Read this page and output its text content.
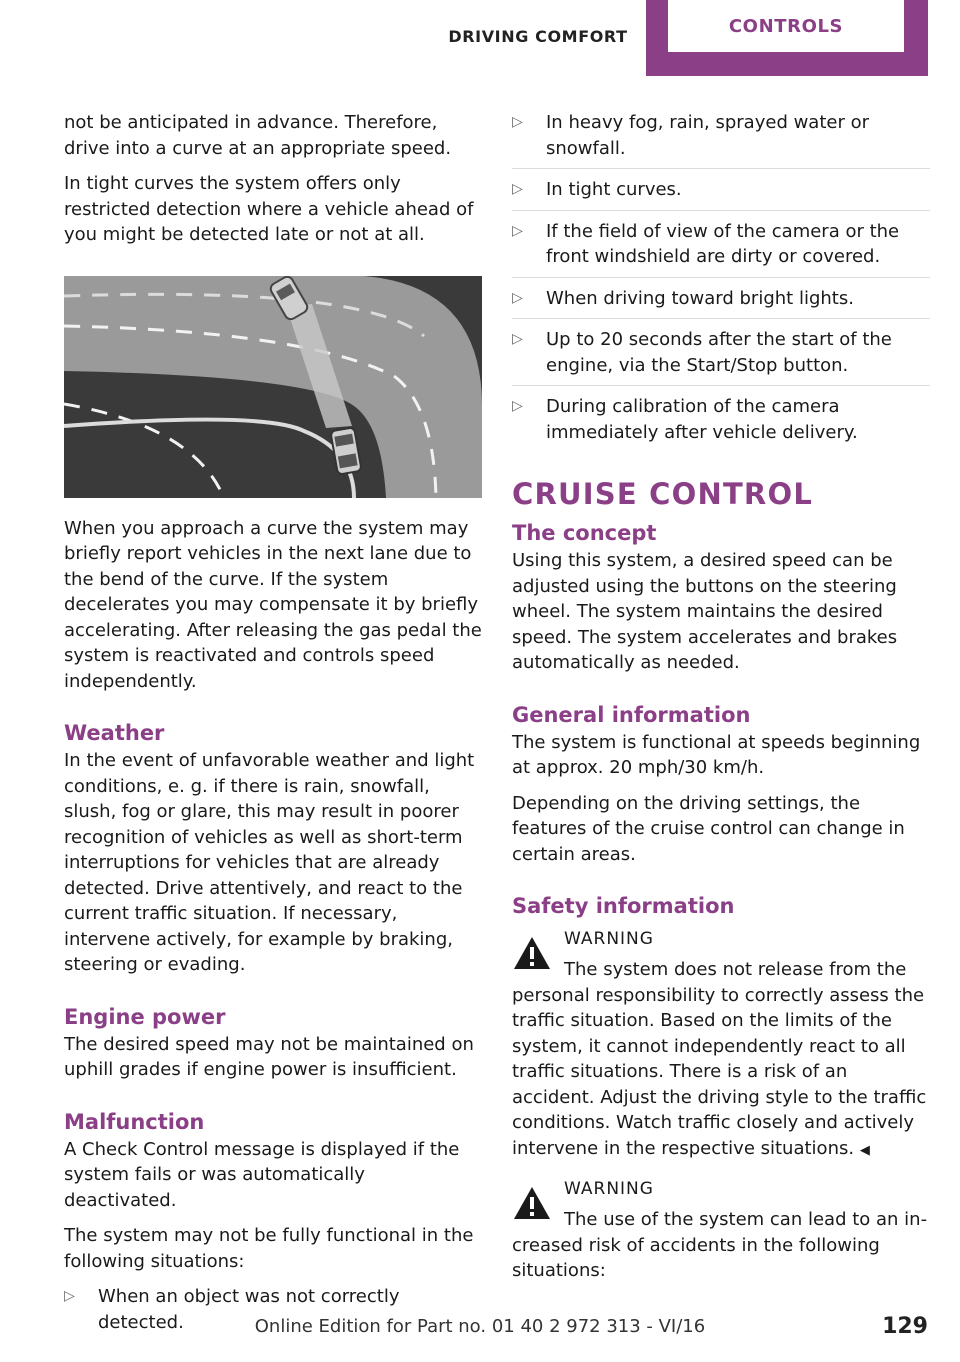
DRIVING COMFORT	CONTROLS

not be anticipated in advance. Therefore, drive into a curve at an appropriate speed.

In tight curves the system offers only restricted detection where a vehicle ahead of you might be detected late or not at all.

When you approach a curve the system may briefly report vehicles in the next lane due to the bend of the curve. If the system decelerates you may compensate it by briefly accelerating. After releasing the gas pedal the system is reactivated and controls speed independently.

Weather

In the event of unfavorable weather and light conditions, e. g. if there is rain, snowfall, slush, fog or glare, this may result in poorer recognition of vehicles as well as short-term interruptions for vehicles that are already detected. Drive attentively, and react to the current traffic situation. If necessary, intervene actively, for example by braking, steering or evading.

Engine power

The desired speed may not be maintained on uphill grades if engine power is insufficient.

Malfunction

A Check Control message is displayed if the system fails or was automatically deactivated.

The system may not be fully functional in the following situations:

▷ When an object was not correctly detected.
▷ In heavy fog, rain, sprayed water or snowfall.
▷ In tight curves.
▷ If the field of view of the camera or the front windshield are dirty or covered.
▷ When driving toward bright lights.
▷ Up to 20 seconds after the start of the engine, via the Start/Stop button.
▷ During calibration of the camera immediately after vehicle delivery.
CRUISE CONTROL
The concept

Using this system, a desired speed can be adjusted using the buttons on the steering wheel. The system maintains the desired speed. The system accelerates and brakes automatically as needed.

General information

The system is functional at speeds beginning at approx. 20 mph/30 km/h.

Depending on the driving settings, the features of the cruise control can change in certain areas.

Safety information
WARNING
The system does not release from the
personal responsibility to correctly assess the traffic situation. Based on the limits of the system, it cannot independently react to all traffic situations. There is a risk of an accident. Adjust the driving style to the traffic conditions. Watch traffic closely and actively intervene in the respective situations. ◀
WARNING
The use of the system can lead to an in-
creased risk of accidents in the following situations:
Online Edition for Part no. 01 40 2 972 313 - VI/16	129
